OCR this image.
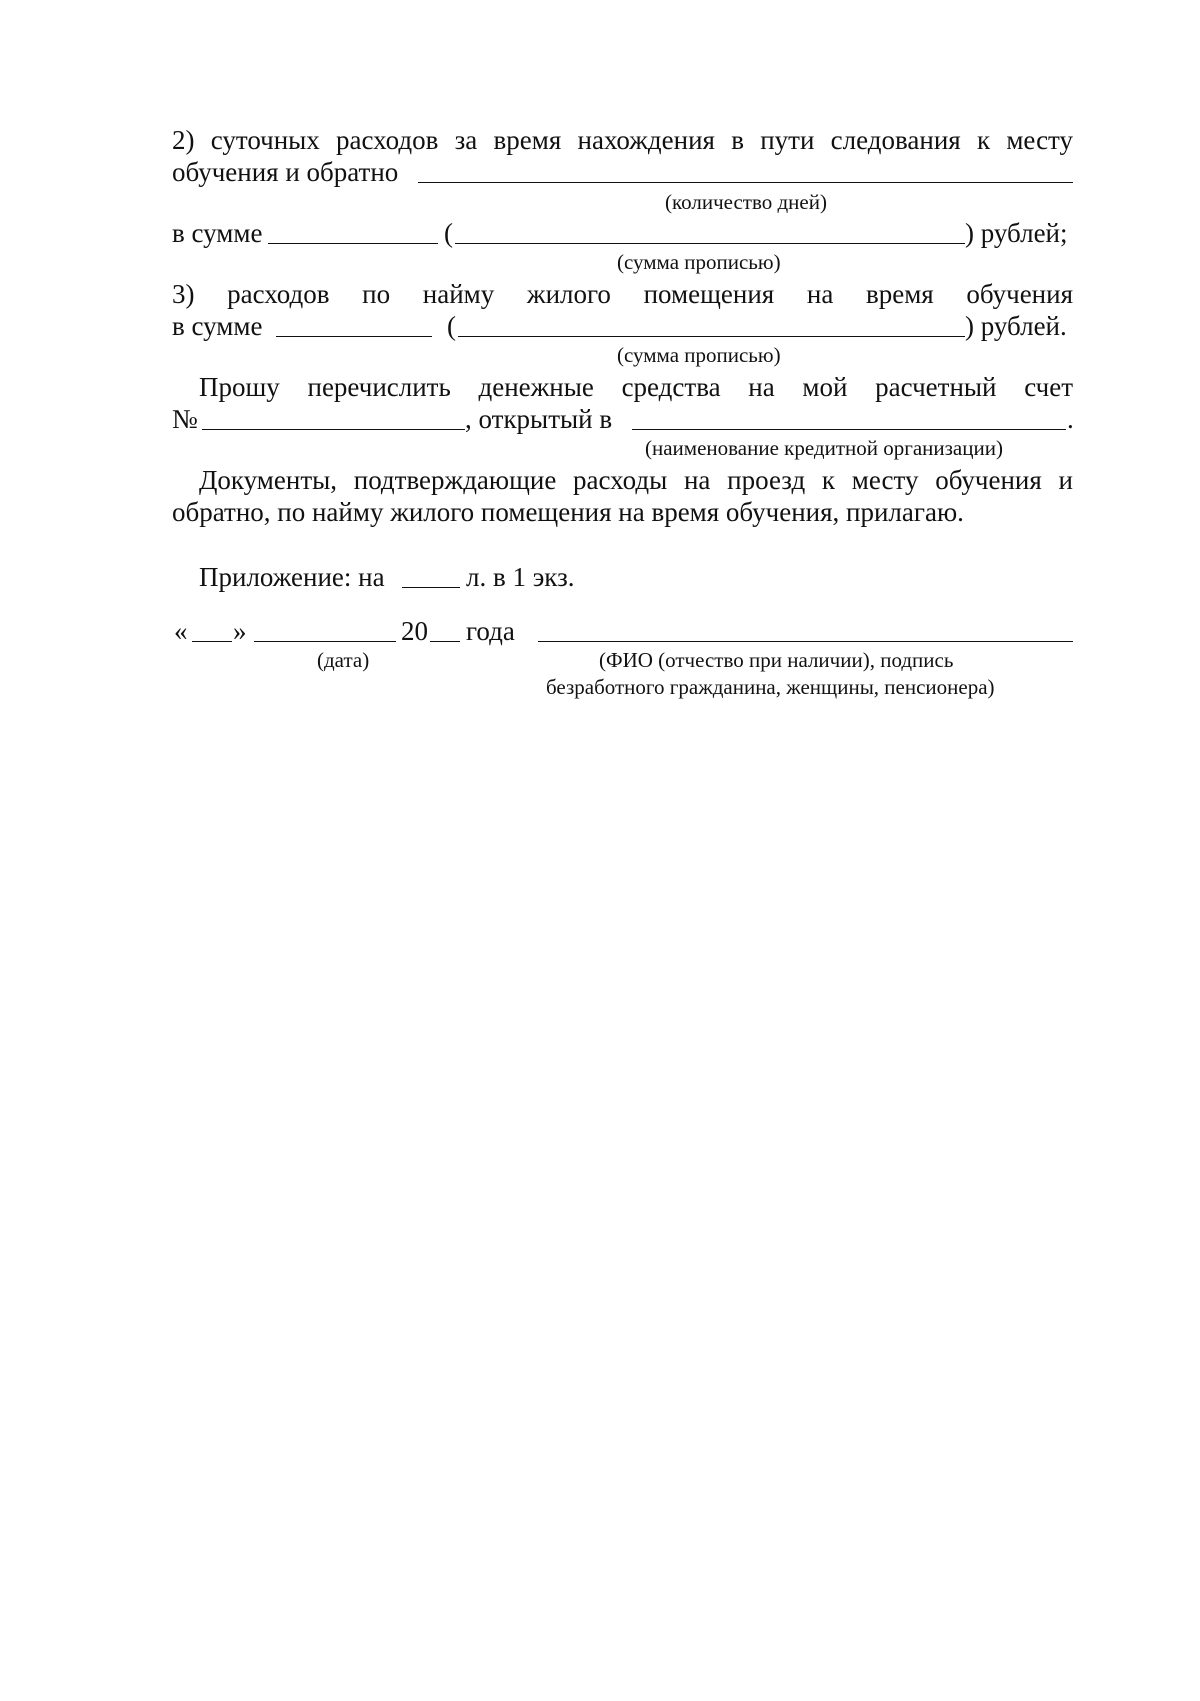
2) суточных расходов за время нахождения в пути следования к месту
обучения и обратно
(количество дней)
в сумме	(	) рублей;
(сумма прописью)
3) расходов по найму жилого помещения на время обучения
в сумме	(	) рублей.
(сумма прописью)
Прошу перечислить денежные средства на мой расчетный счет
№	, открытый в	.
(наименование кредитной организации)
Документы, подтверждающие расходы на проезд к месту обучения и
обратно, по найму жилого помещения на время обучения, прилагаю.
Приложение: на	л. в 1 экз.
« »	20 года
(дата)	(ФИО (отчество при наличии), подпись
безработного гражданина, женщины, пенсионера)
